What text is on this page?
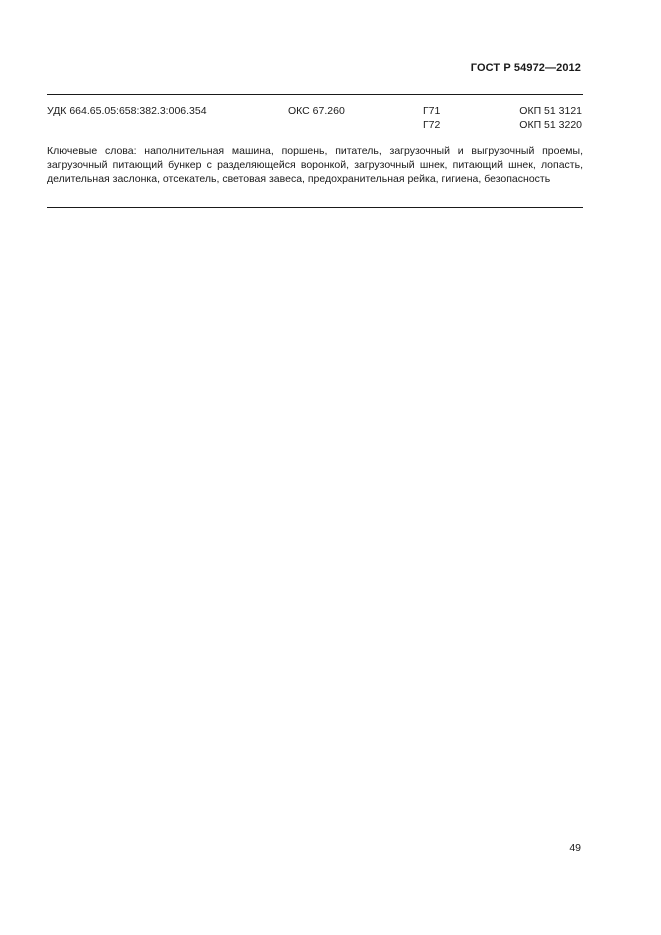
ГОСТ Р 54972—2012
УДК 664.65.05:658:382.3:006.354	ОКС 67.260	Г71
Г72
ОКП 51 3121
ОКП 51 3220
Ключевые слова: наполнительная машина, поршень, питатель, загрузочный и выгрузочный проемы, загрузочный питающий бункер с разделяющейся воронкой, загрузочный шнек, питающий шнек, лопасть, делительная заслонка, отсекатель, световая завеса, предохранительная рейка, гигиена, безопасность
49
